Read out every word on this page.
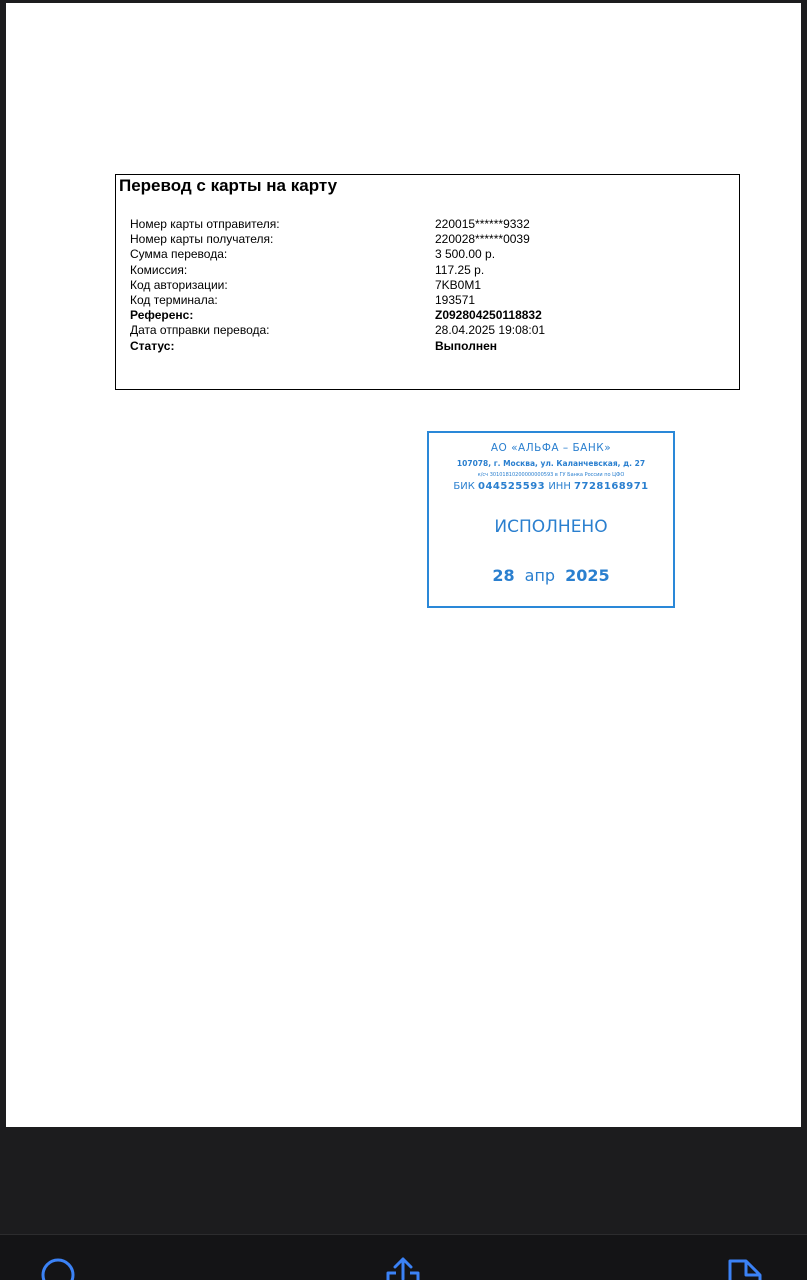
Перевод с карты на карту
Номер карты отправителя:	220015******9332
Номер карты получателя:	220028******0039
Сумма перевода:	3 500.00 р.
Комиссия:	117.25 р.
Код авторизации:	7KB0M1
Код терминала:	193571
Референс:	Z092804250118832
Дата отправки перевода:	28.04.2025 19:08:01
Статус:	Выполнен
АО «АЛЬФА – БАНК»
107078, г. Москва, ул. Каланчевская, д. 27
к/сч 30101810200000000593 в ГУ Банка России по ЦФО
БИК 044525593 ИНН 7728168971
ИСПОЛНЕНО
28 апр 2025
